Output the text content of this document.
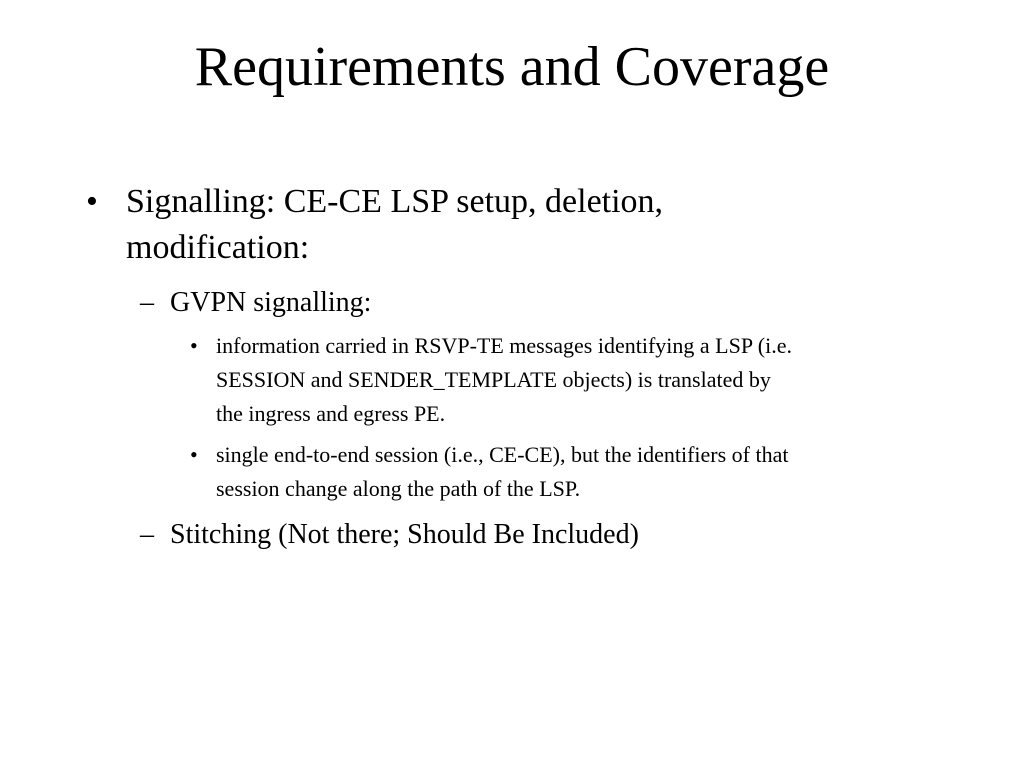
Requirements and Coverage
• Signalling: CE-CE LSP setup, deletion,
modification:
– GVPN signalling:
• information carried in RSVP-TE messages identifying a LSP (i.e.
SESSION and SENDER_TEMPLATE objects) is translated by
the ingress and egress PE.
• single end-to-end session (i.e., CE-CE), but the identifiers of that
session change along the path of the LSP.
– Stitching (Not there; Should Be Included)
